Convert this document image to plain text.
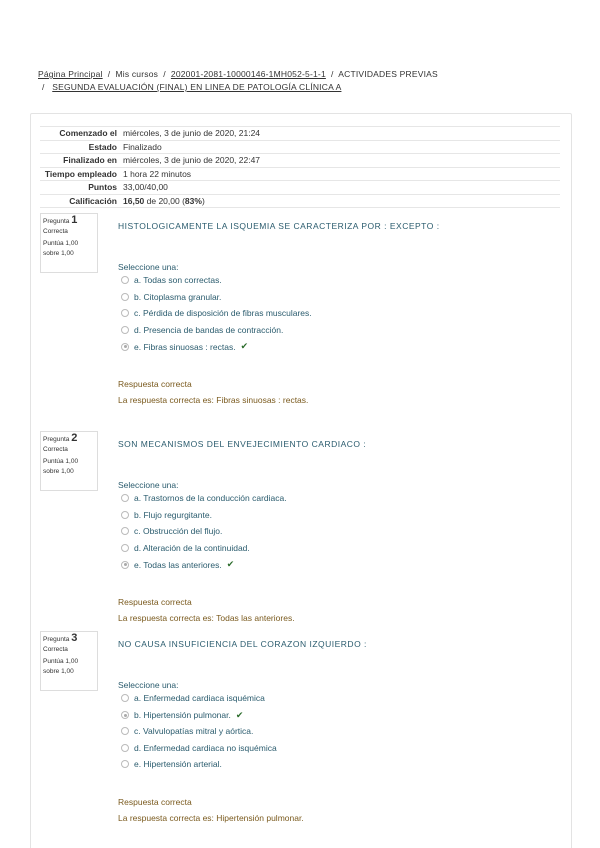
Página Principal / Mis cursos / 202001-2081-10000146-1MH052-5-1-1 / ACTIVIDADES PREVIAS
/ SEGUNDA EVALUACIÓN (FINAL) EN LINEA DE PATOLOGÍA CLÍNICA A
Comenzado el	miércoles, 3 de junio de 2020, 21:24
Estado	Finalizado
Finalizado en	miércoles, 3 de junio de 2020, 22:47
Tiempo empleado	1 hora 22 minutos
Puntos	33,00/40,00
Calificación	16,50 de 20,00 (83%)
Pregunta 1
Correcta
Puntúa 1,00 sobre 1,00
HISTOLOGICAMENTE LA ISQUEMIA SE CARACTERIZA POR : EXCEPTO :
Seleccione una:
a. Todas son correctas.
b. Citoplasma granular.
c. Pérdida de disposición de fibras musculares.
d. Presencia de bandas de contracción.
e. Fibras sinuosas : rectas. ✔
Respuesta correcta
La respuesta correcta es: Fibras sinuosas : rectas.
Pregunta 2
Correcta
Puntúa 1,00 sobre 1,00
SON MECANISMOS DEL ENVEJECIMIENTO CARDIACO :
Seleccione una:
a. Trastornos de la conducción cardiaca.
b. Flujo regurgitante.
c. Obstrucción del flujo.
d. Alteración de la continuidad.
e. Todas las anteriores. ✔
Respuesta correcta
La respuesta correcta es: Todas las anteriores.
Pregunta 3
Correcta
Puntúa 1,00 sobre 1,00
NO CAUSA INSUFICIENCIA DEL CORAZON IZQUIERDO :
Seleccione una:
a. Enfermedad cardiaca isquémica
b. Hipertensión pulmonar. ✔
c. Valvulopatías mitral y aórtica.
d. Enfermedad cardiaca no isquémica
e. Hipertensión arterial.
Respuesta correcta
La respuesta correcta es: Hipertensión pulmonar.
